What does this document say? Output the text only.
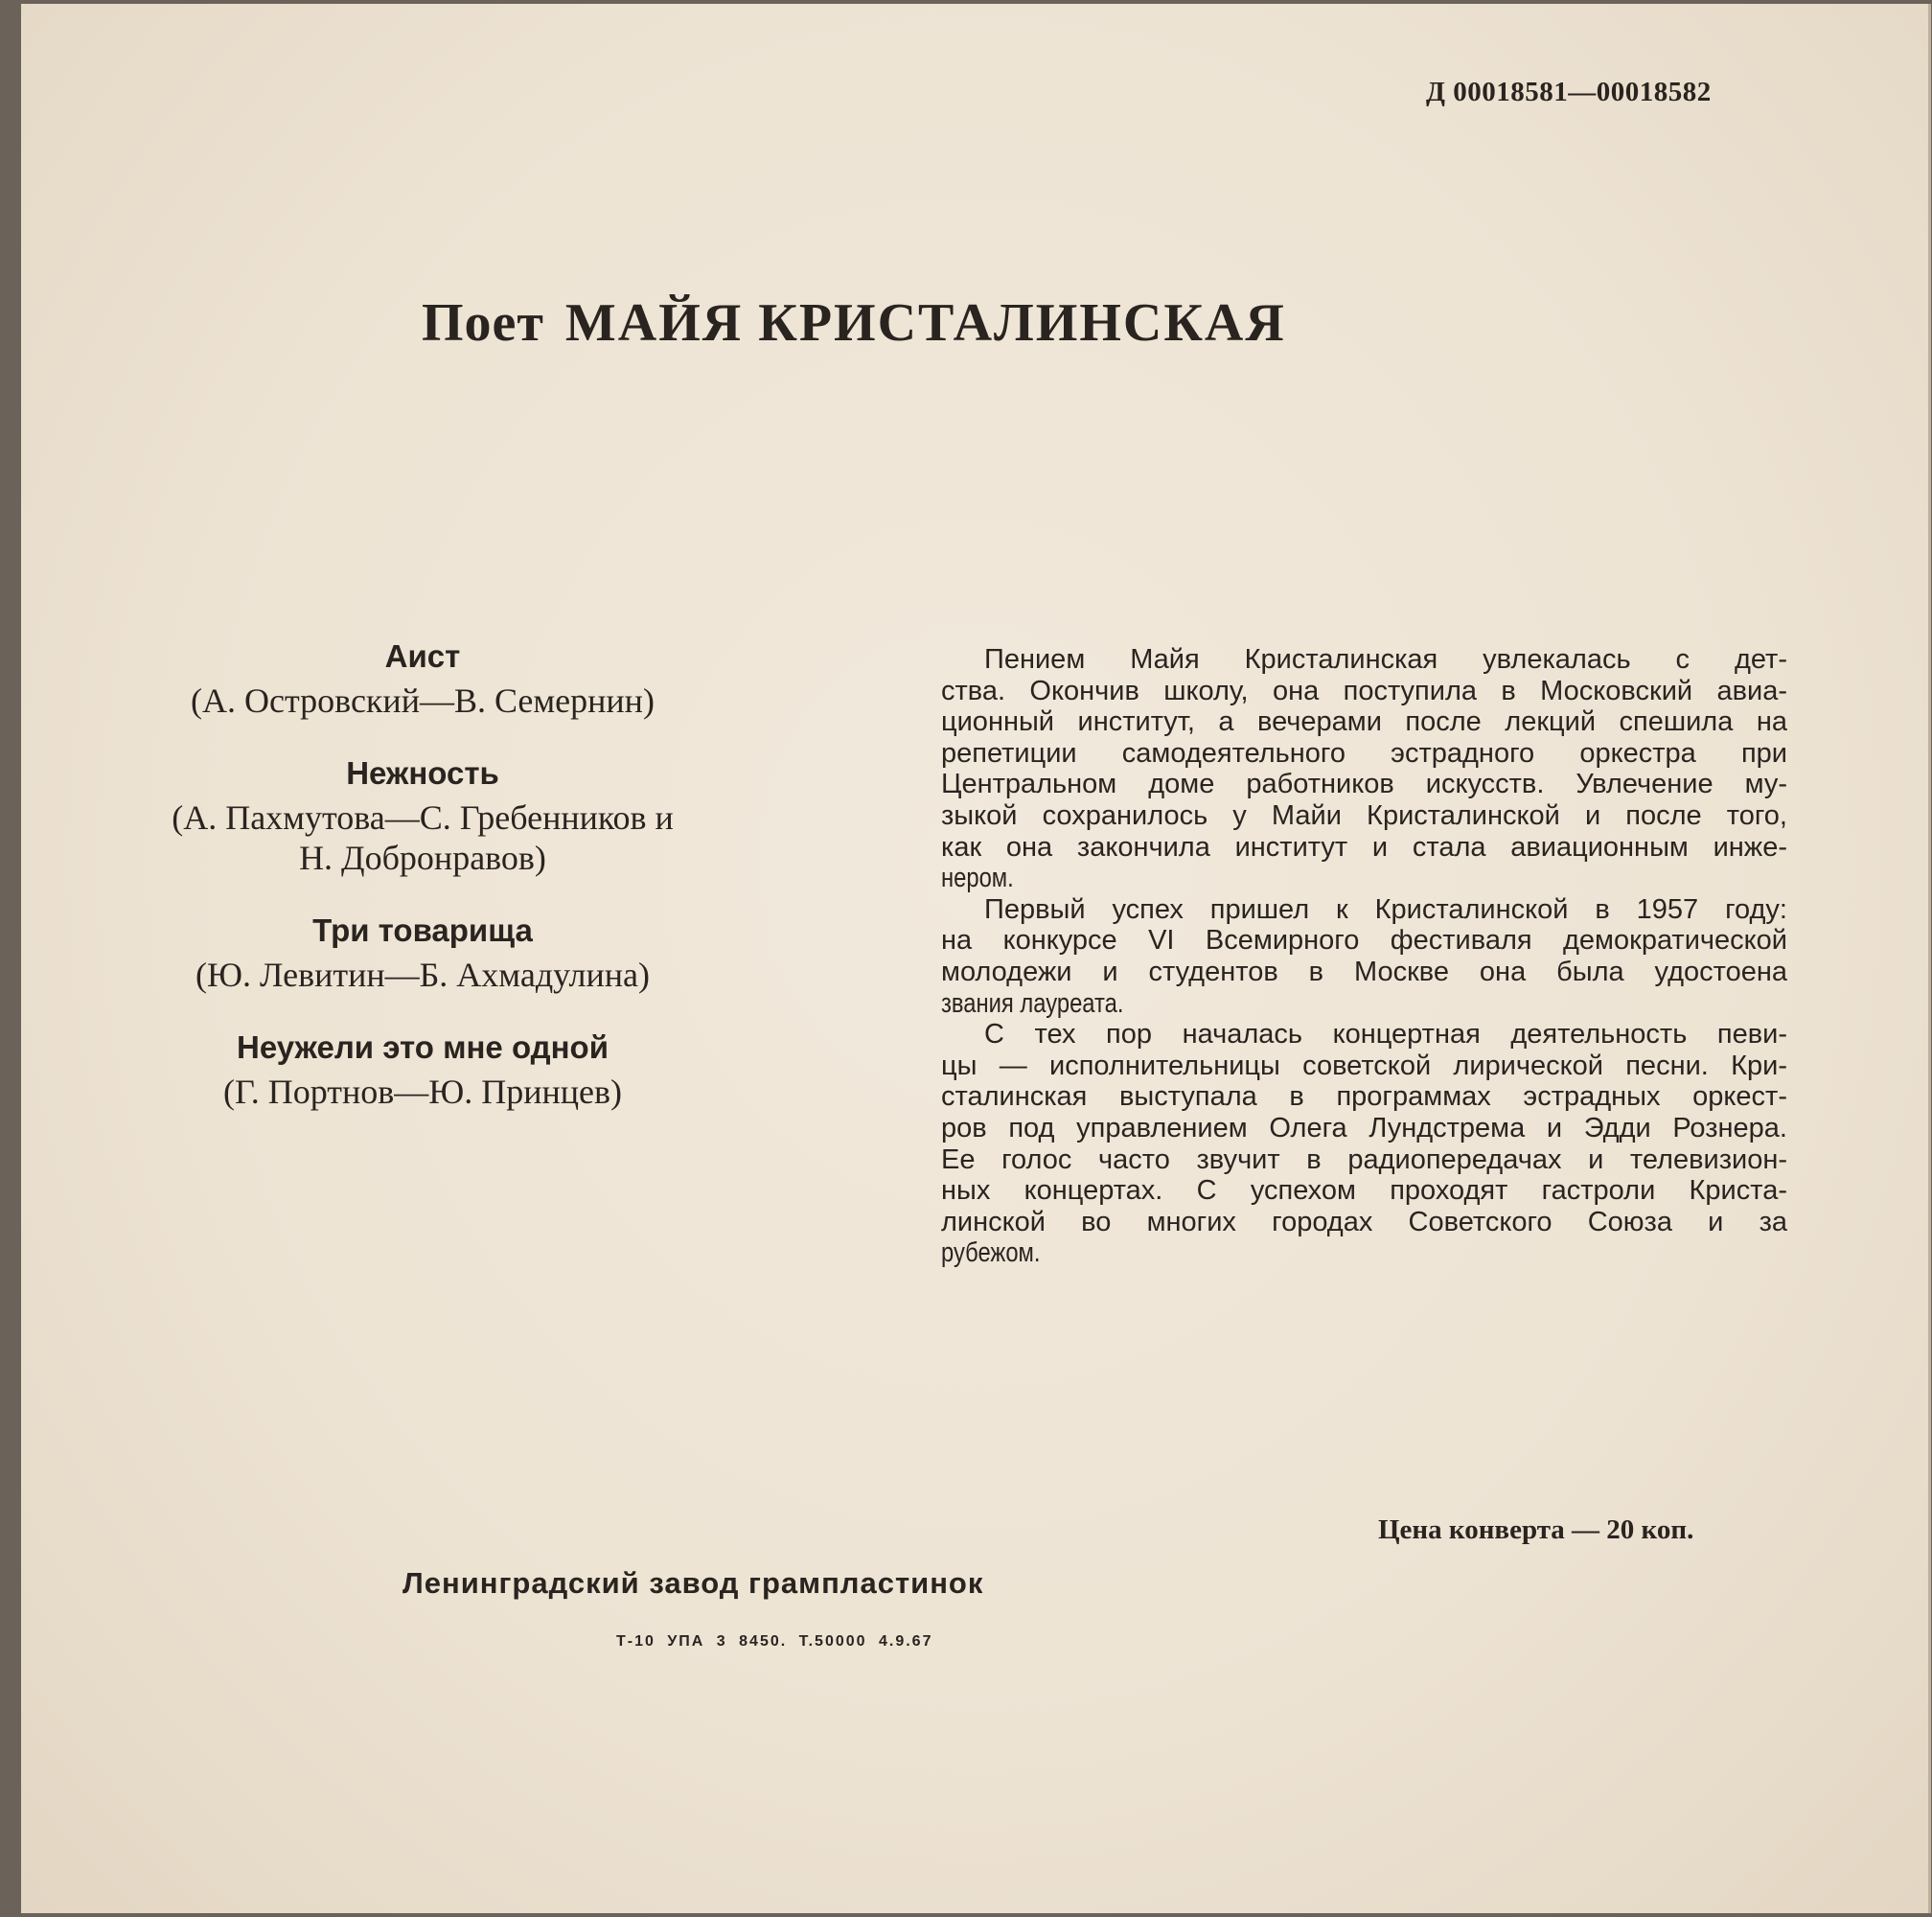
Д 00018581—00018582
Поет МАЙЯ КРИСТАЛИНСКАЯ
Аист
(А. Островский—В. Семернин)
Нежность
(А. Пахмутова—С. Гребенников и
Н. Добронравов)
Три товарища
(Ю. Левитин—Б. Ахмадулина)
Неужели это мне одной
(Г. Портнов—Ю. Принцев)
Пением Майя Кристалинская увлекалась с дет-
ства. Окончив школу, она поступила в Московский авиа-
ционный институт, а вечерами после лекций спешила на
репетиции самодеятельного эстрадного оркестра при
Центральном доме работников искусств. Увлечение му-
зыкой сохранилось у Майи Кристалинской и после того,
как она закончила институт и стала авиационным инже-
нером.
Первый успех пришел к Кристалинской в 1957 году:
на конкурсе VI Всемирного фестиваля демократической
молодежи и студентов в Москве она была удостоена
звания лауреата.
С тех пор началась концертная деятельность певи-
цы — исполнительницы советской лирической песни. Кри-
сталинская выступала в программах эстрадных оркест-
ров под управлением Олега Лундстрема и Эдди Рознера.
Ее голос часто звучит в радиопередачах и телевизион-
ных концертах. С успехом проходят гастроли Криста-
линской во многих городах Советского Союза и за
рубежом.
Цена конверта — 20 коп.
Ленинградский завод грампластинок
Т-10 УПА 3 8450. Т.50000 4.9.67
